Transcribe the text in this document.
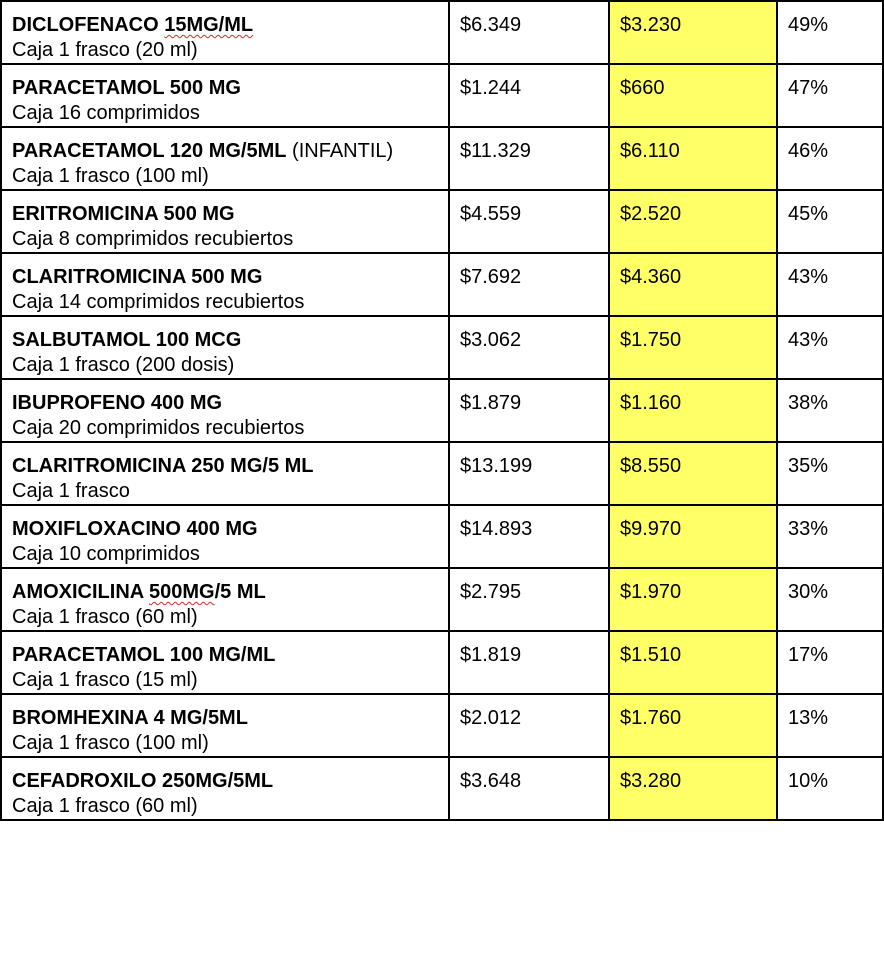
DICLOFENACO 15MG/ML
Caja 1 frasco (20 ml)	$6.349	$3.230	49%

PARACETAMOL 500 MG
Caja 16 comprimidos	$1.244	$660	47%

PARACETAMOL 120 MG/5ML (INFANTIL)
Caja 1 frasco (100 ml)	$11.329	$6.110	46%

ERITROMICINA 500 MG
Caja 8 comprimidos recubiertos	$4.559	$2.520	45%

CLARITROMICINA 500 MG
Caja 14 comprimidos recubiertos	$7.692	$4.360	43%

SALBUTAMOL 100 MCG
Caja 1 frasco (200 dosis)	$3.062	$1.750	43%

IBUPROFENO 400 MG
Caja 20 comprimidos recubiertos	$1.879	$1.160	38%

CLARITROMICINA 250 MG/5 ML
Caja 1 frasco	$13.199	$8.550	35%

MOXIFLOXACINO 400 MG
Caja 10 comprimidos	$14.893	$9.970	33%

AMOXICILINA 500MG/5 ML
Caja 1 frasco (60 ml)	$2.795	$1.970	30%

PARACETAMOL 100 MG/ML
Caja 1 frasco (15 ml)	$1.819	$1.510	17%

BROMHEXINA 4 MG/5ML
Caja 1 frasco (100 ml)	$2.012	$1.760	13%

CEFADROXILO 250MG/5ML
Caja 1 frasco (60 ml)	$3.648	$3.280	10%
